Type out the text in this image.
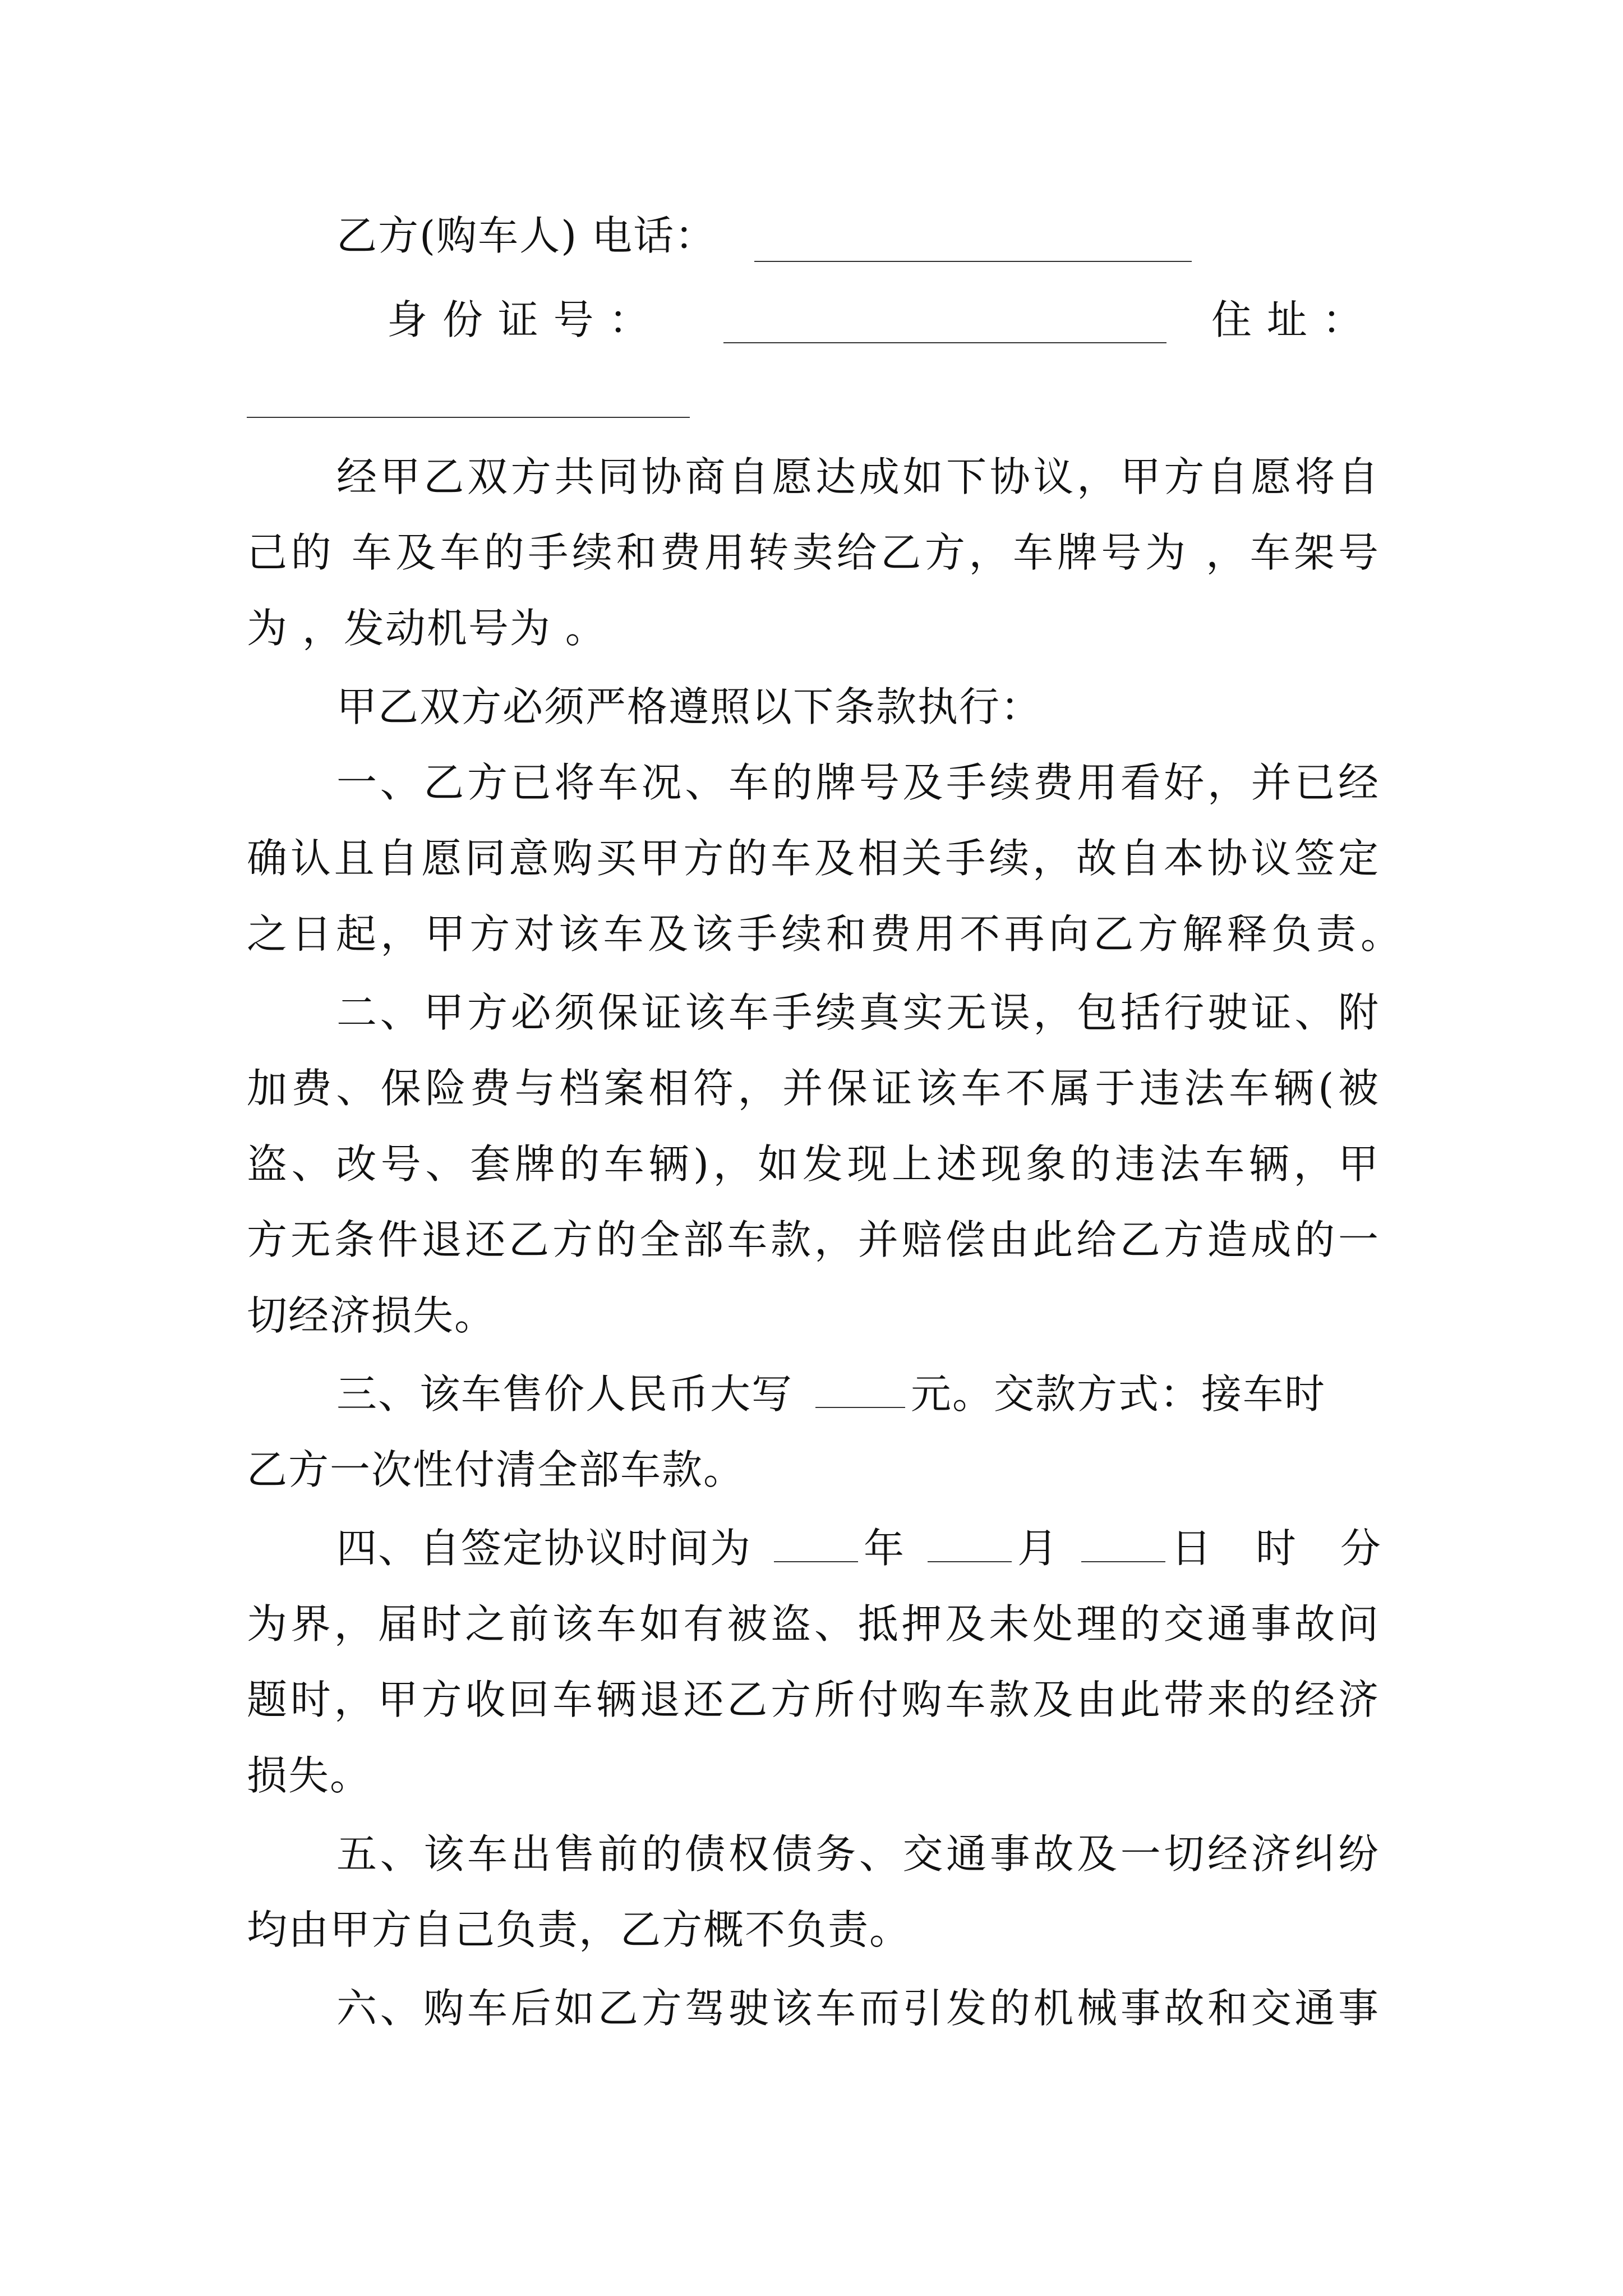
乙方(购车人) 电话：
身 份 证 号 ：	住 址 ：
经甲乙双方共同协商自愿达成如下协议，甲方自愿将自
己的 车及车的手续和费用转卖给乙方，车牌号为 ，车架号
为 ，发动机号为 。
甲乙双方必须严格遵照以下条款执行：
一、乙方已将车况、车的牌号及手续费用看好，并已经
确认且自愿同意购买甲方的车及相关手续，故自本协议签定
之日起，甲方对该车及该手续和费用不再向乙方解释负责。
二、甲方必须保证该车手续真实无误，包括行驶证、附
加费、保险费与档案相符，并保证该车不属于违法车辆(被
盗、改号、套牌的车辆)，如发现上述现象的违法车辆，甲
方无条件退还乙方的全部车款，并赔偿由此给乙方造成的一
切经济损失。
三、该车售价人民币大写	元。交款方式：接车时
乙方一次性付清全部车款。
四、自签定协议时间为	年	月	日 时 分
为界，届时之前该车如有被盗、抵押及未处理的交通事故问
题时，甲方收回车辆退还乙方所付购车款及由此带来的经济
损失。
五、该车出售前的债权债务、交通事故及一切经济纠纷
均由甲方自己负责，乙方概不负责。
六、购车后如乙方驾驶该车而引发的机械事故和交通事
